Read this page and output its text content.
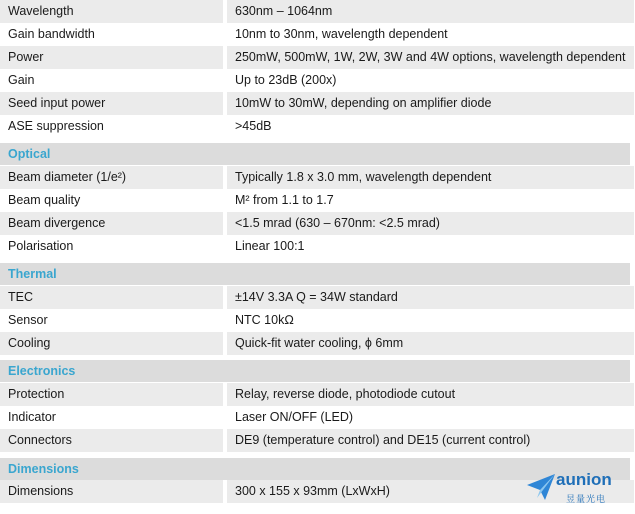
Wavelength	630nm – 1064nm
Gain bandwidth	10nm to 30nm, wavelength dependent
Power	250mW, 500mW, 1W, 2W, 3W and 4W options, wavelength dependent
Gain	Up to 23dB (200x)
Seed input power	10mW to 30mW, depending on amplifier diode
ASE suppression	>45dB
Optical
Beam diameter (1/e²)	Typically 1.8 x 3.0 mm, wavelength dependent
Beam quality	M² from 1.1 to 1.7
Beam divergence	<1.5 mrad (630 – 670nm: <2.5 mrad)
Polarisation	Linear 100:1
Thermal
TEC	±14V 3.3A Q = 34W standard
Sensor	NTC 10kΩ
Cooling	Quick-fit water cooling, ϕ 6mm
Electronics
Protection	Relay, reverse diode, photodiode cutout
Indicator	Laser ON/OFF (LED)
Connectors	DE9 (temperature control) and DE15 (current control)
Dimensions
Dimensions	300 x 155 x 93mm (LxWxH)
aunion
昱量光电
